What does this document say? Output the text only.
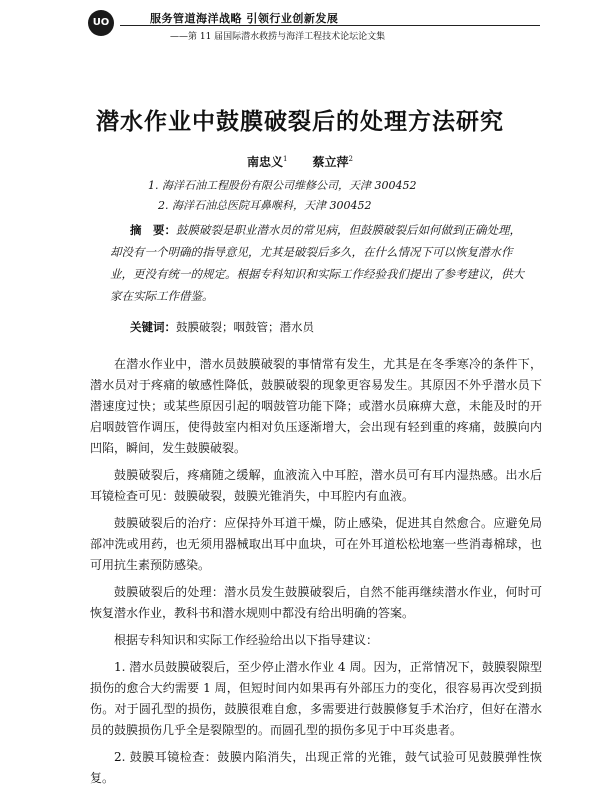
UO	服务管道海洋战略 引领行业创新发展
——第 11 届国际潜水救捞与海洋工程技术论坛论文集
潜水作业中鼓膜破裂后的处理方法研究
南忠义$^1$ 蔡立萍$^2$
1. 海洋石油工程股份有限公司维修公司，天津 300452
2. 海洋石油总医院耳鼻喉科，天津 300452

摘　要：鼓膜破裂是职业潜水员的常见病，但鼓膜破裂后如何做到正确处理，却没有一个明确的指导意见，尤其是破裂后多久，在什么情况下可以恢复潜水作业，更没有统一的规定。根据专科知识和实际工作经验我们提出了参考建议，供大家在实际工作借鉴。

关键词：鼓膜破裂；咽鼓管；潜水员

在潜水作业中，潜水员鼓膜破裂的事情常有发生，尤其是在冬季寒冷的条件下，潜水员对于疼痛的敏感性降低，鼓膜破裂的现象更容易发生。其原因不外乎潜水员下潜速度过快；或某些原因引起的咽鼓管功能下降；或潜水员麻痹大意，未能及时的开启咽鼓管作调压，使得鼓室内相对负压逐渐增大，会出现有轻到重的疼痛，鼓膜向内凹陷，瞬间，发生鼓膜破裂。

鼓膜破裂后，疼痛随之缓解，血液流入中耳腔，潜水员可有耳内湿热感。出水后耳镜检查可见：鼓膜破裂，鼓膜光锥消失，中耳腔内有血液。

鼓膜破裂后的治疗：应保持外耳道干燥，防止感染，促进其自然愈合。应避免局部冲洗或用药，也无须用器械取出耳中血块，可在外耳道松松地塞一些消毒棉球，也可用抗生素预防感染。

鼓膜破裂后的处理：潜水员发生鼓膜破裂后，自然不能再继续潜水作业，何时可恢复潜水作业，教科书和潜水规则中都没有给出明确的答案。

根据专科知识和实际工作经验给出以下指导建议：

1. 潜水员鼓膜破裂后，至少停止潜水作业 4 周。因为，正常情况下，鼓膜裂隙型损伤的愈合大约需要 1 周，但短时间内如果再有外部压力的变化，很容易再次受到损伤。对于圆孔型的损伤，鼓膜很难自愈，多需要进行鼓膜修复手术治疗，但好在潜水员的鼓膜损伤几乎全是裂隙型的。而圆孔型的损伤多见于中耳炎患者。

2. 鼓膜耳镜检查：鼓膜内陷消失，出现正常的光锥，鼓气试验可见鼓膜弹性恢复。
